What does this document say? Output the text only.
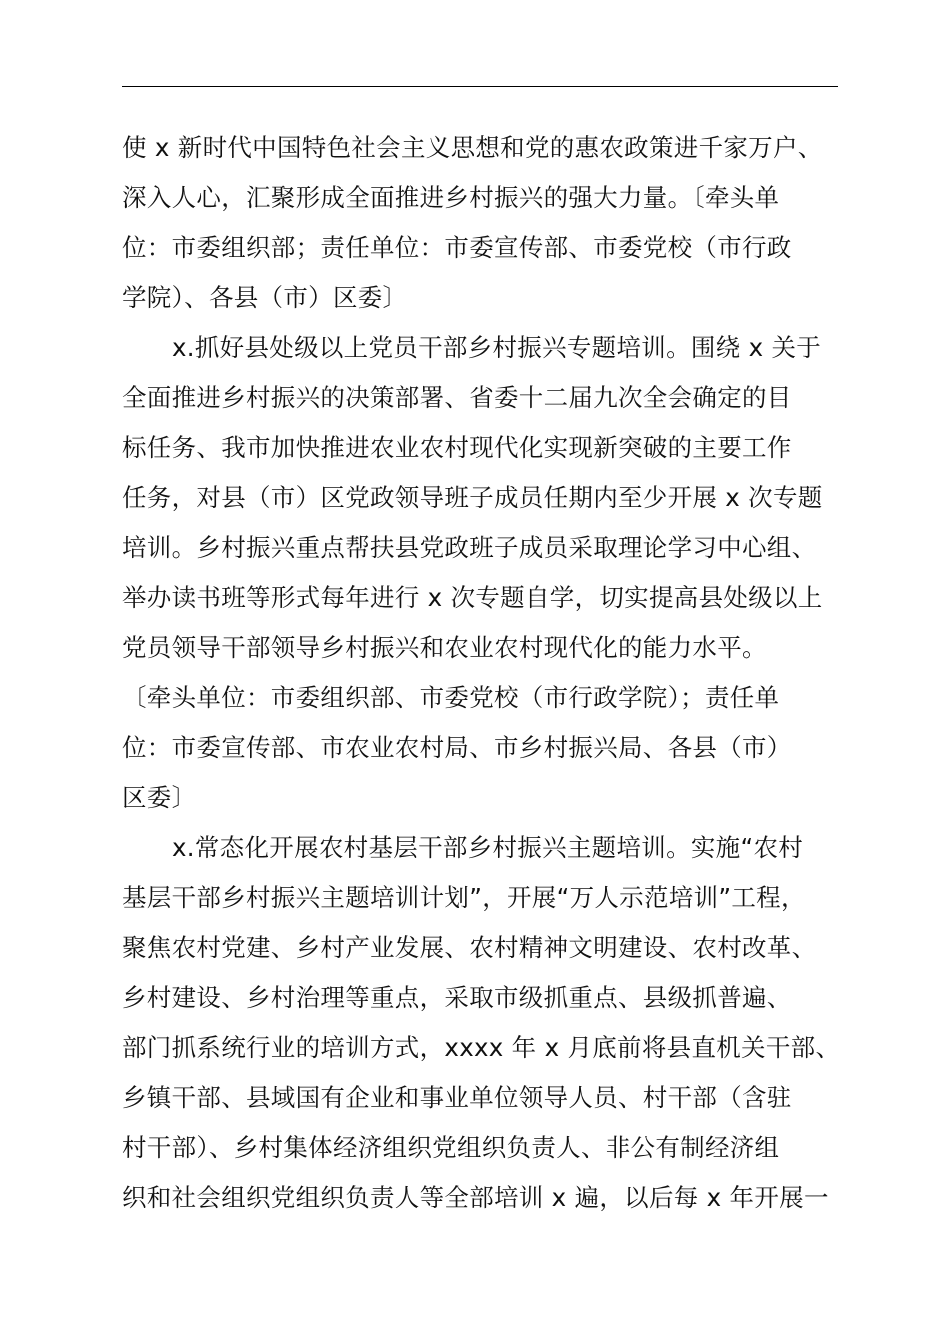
使 x 新时代中国特色社会主义思想和党的惠农政策进千家万户、
深入人心，汇聚形成全面推进乡村振兴的强大力量。〔牵头单
位：市委组织部；责任单位：市委宣传部、市委党校（市行政
学院）、各县（市）区委〕
x.抓好县处级以上党员干部乡村振兴专题培训。围绕 x 关于
全面推进乡村振兴的决策部署、省委十二届九次全会确定的目
标任务、我市加快推进农业农村现代化实现新突破的主要工作
任务，对县（市）区党政领导班子成员任期内至少开展 x 次专题
培训。乡村振兴重点帮扶县党政班子成员采取理论学习中心组、
举办读书班等形式每年进行 x 次专题自学，切实提高县处级以上
党员领导干部领导乡村振兴和农业农村现代化的能力水平。
〔牵头单位：市委组织部、市委党校（市行政学院）；责任单
位：市委宣传部、市农业农村局、市乡村振兴局、各县（市）
区委〕
x.常态化开展农村基层干部乡村振兴主题培训。实施“农村
基层干部乡村振兴主题培训计划”，开展“万人示范培训”工程，
聚焦农村党建、乡村产业发展、农村精神文明建设、农村改革、
乡村建设、乡村治理等重点，采取市级抓重点、县级抓普遍、
部门抓系统行业的培训方式，xxxx 年 x 月底前将县直机关干部、
乡镇干部、县域国有企业和事业单位领导人员、村干部（含驻
村干部）、乡村集体经济组织党组织负责人、非公有制经济组
织和社会组织党组织负责人等全部培训 x 遍，以后每 x 年开展一
